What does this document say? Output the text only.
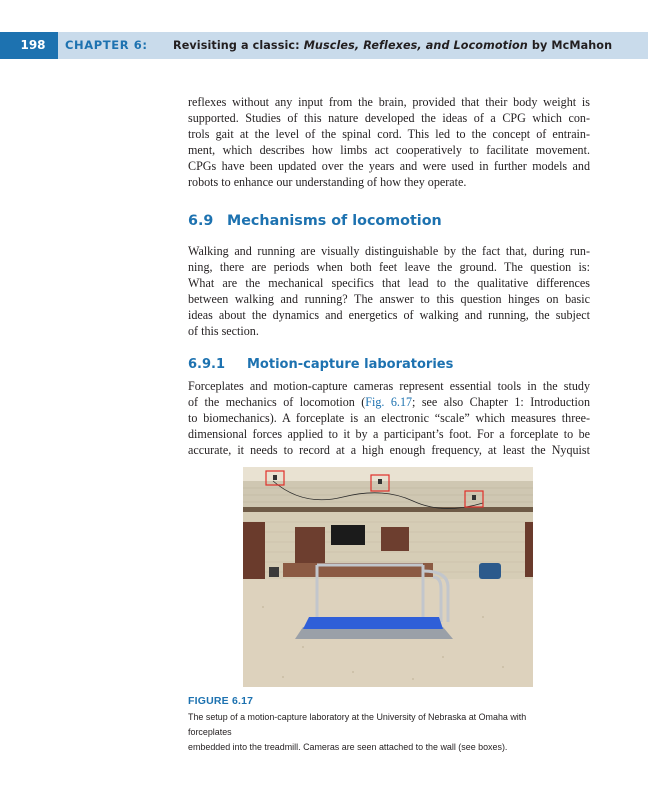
198	CHAPTER 6: Revisiting a classic: Muscles, Reflexes, and Locomotion by McMahon
reflexes without any input from the brain, provided that their body weight is
supported. Studies of this nature developed the ideas of a CPG which con-
trols gait at the level of the spinal cord. This led to the concept of entrain-
ment, which describes how limbs act cooperatively to facilitate movement.
CPGs have been updated over the years and were used in further models and
robots to enhance our understanding of how they operate.
6.9 Mechanisms of locomotion
Walking and running are visually distinguishable by the fact that, during run-
ning, there are periods when both feet leave the ground. The question is:
What are the mechanical specifics that lead to the qualitative differences
between walking and running? The answer to this question hinges on basic
ideas about the dynamics and energetics of walking and running, the subject
of this section.
6.9.1 Motion-capture laboratories
Forceplates and motion-capture cameras represent essential tools in the study
of the mechanics of locomotion (Fig. 6.17; see also Chapter 1: Introduction
to biomechanics). A forceplate is an electronic “scale” which measures three-
dimensional forces applied to it by a participant’s foot. For a forceplate to be
accurate, it needs to record at a high enough frequency, at least the Nyquist
FIGURE 6.17
The setup of a motion-capture laboratory at the University of Nebraska at Omaha with forceplates
embedded into the treadmill. Cameras are seen attached to the wall (see boxes).
